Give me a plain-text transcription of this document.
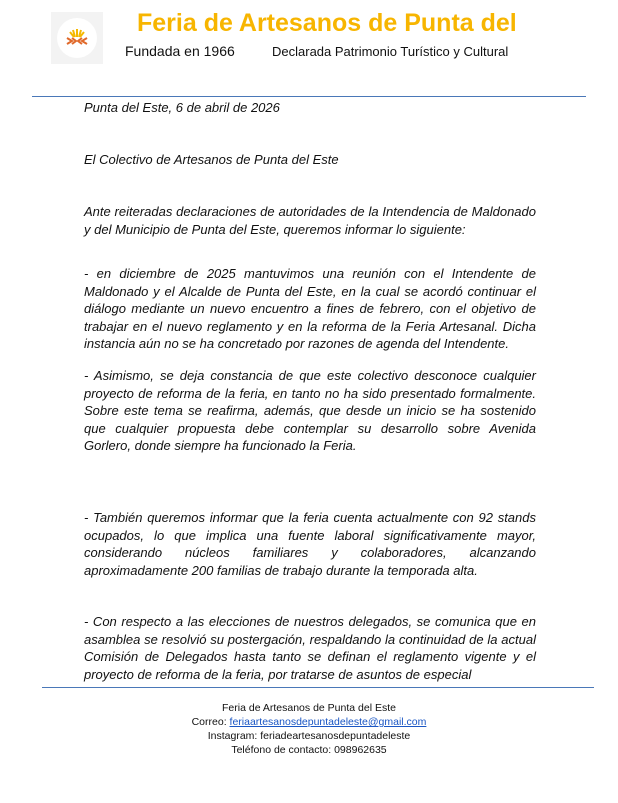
Feria de Artesanos de Punta del
Fundada en 1966	Declarada Patrimonio Turístico y Cultural
Punta del Este, 6 de abril de 2026
El Colectivo de Artesanos de Punta del Este
Ante reiteradas declaraciones de autoridades de la Intendencia de Maldonado y del Municipio de Punta del Este, queremos informar lo siguiente:
- en diciembre de 2025 mantuvimos una reunión con el Intendente de Maldonado y el Alcalde de Punta del Este, en la cual se acordó continuar el diálogo mediante un nuevo encuentro a fines de febrero, con el objetivo de trabajar en el nuevo reglamento y en la reforma de la Feria Artesanal. Dicha instancia aún no se ha concretado por razones de agenda del Intendente.
- Asimismo, se deja constancia de que este colectivo desconoce cualquier proyecto de reforma de la feria, en tanto no ha sido presentado formalmente. Sobre este tema se reafirma, además, que desde un inicio se ha sostenido que cualquier propuesta debe contemplar su desarrollo sobre Avenida Gorlero, donde siempre ha funcionado la Feria.
- También queremos informar que la feria cuenta actualmente con 92 stands ocupados, lo que implica una fuente laboral significativamente mayor, considerando núcleos familiares y colaboradores, alcanzando aproximadamente 200 familias de trabajo durante la temporada alta.
- Con respecto a las elecciones de nuestros delegados, se comunica que en asamblea se resolvió su postergación, respaldando la continuidad de la actual Comisión de Delegados hasta tanto se definan el reglamento vigente y el proyecto de reforma de la feria, por tratarse de asuntos de especial
Feria de Artesanos de Punta del Este
Correo: feriaartesanosdepuntadeleste@gmail.com
Instagram: feriadeartesanosdepuntadeleste
Teléfono de contacto: 098962635
